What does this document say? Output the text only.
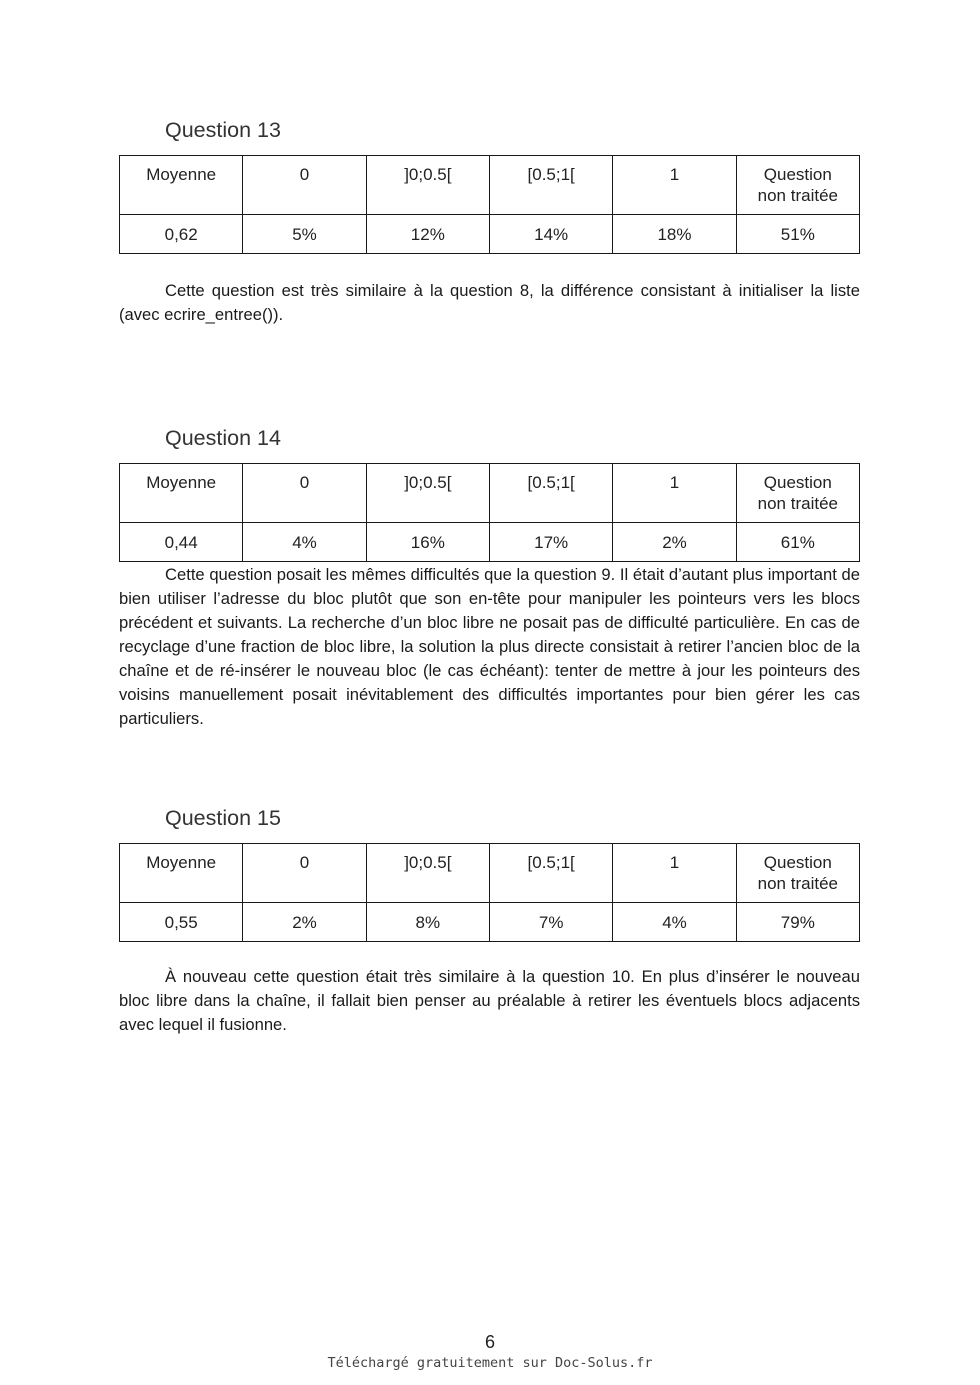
Question 13
Moyenne	0	]0;0.5[	[0.5;1[	1	Question non traitée
0,62	5%	12%	14%	18%	51%

Cette question est très similaire à la question 8, la différence consistant à initialiser la liste (avec ecrire_entree()).

Question 14
Moyenne	0	]0;0.5[	[0.5;1[	1	Question non traitée
0,44	4%	16%	17%	2%	61%

Cette question posait les mêmes difficultés que la question 9. Il était d’autant plus important de bien utiliser l’adresse du bloc plutôt que son en-tête pour manipuler les pointeurs vers les blocs précédent et suivants. La recherche d’un bloc libre ne posait pas de difficulté particulière. En cas de recyclage d’une fraction de bloc libre, la solution la plus directe consistait à retirer l’ancien bloc de la chaîne et de ré-insérer le nouveau bloc (le cas échéant): tenter de mettre à jour les pointeurs des voisins manuellement posait inévitablement des difficultés importantes pour bien gérer les cas particuliers.

Question 15
Moyenne	0	]0;0.5[	[0.5;1[	1	Question non traitée
0,55	2%	8%	7%	4%	79%

À nouveau cette question était très similaire à la question 10. En plus d’insérer le nouveau bloc libre dans la chaîne, il fallait bien penser au préalable à retirer les éventuels blocs adjacents avec lequel il fusionne.

6
Téléchargé gratuitement sur Doc-Solus.fr
